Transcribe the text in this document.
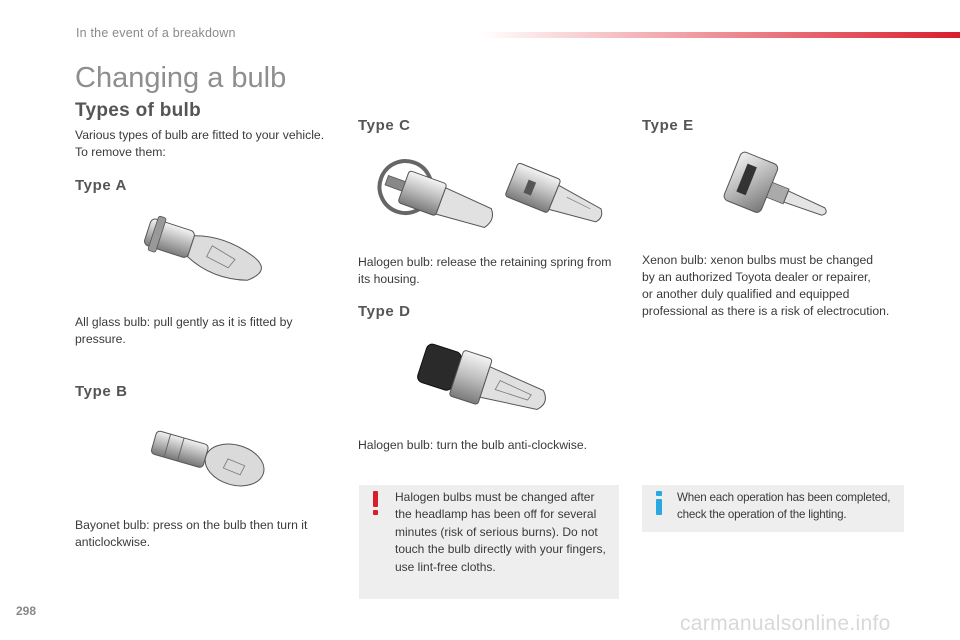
In the event of a breakdown
Changing a bulb
Types of bulb
Various types of bulb are fitted to your vehicle.
To remove them:
Type A
All glass bulb: pull gently as it is fitted by
pressure.
Type B
Bayonet bulb: press on the bulb then turn it
anticlockwise.
Type C
Halogen bulb: release the retaining spring from
its housing.
Type D
Halogen bulb: turn the bulb anti-clockwise.
Type E
Xenon bulb: xenon bulbs must be changed
by an authorized Toyota dealer or repairer,
or another duly qualified and equipped
professional as there is a risk of electrocution.
Halogen bulbs must be changed after
the headlamp has been off for several
minutes (risk of serious burns). Do not
touch the bulb directly with your fingers,
use lint-free cloths.
When each operation has been completed,
check the operation of the lighting.
298
carmanualsonline.info
